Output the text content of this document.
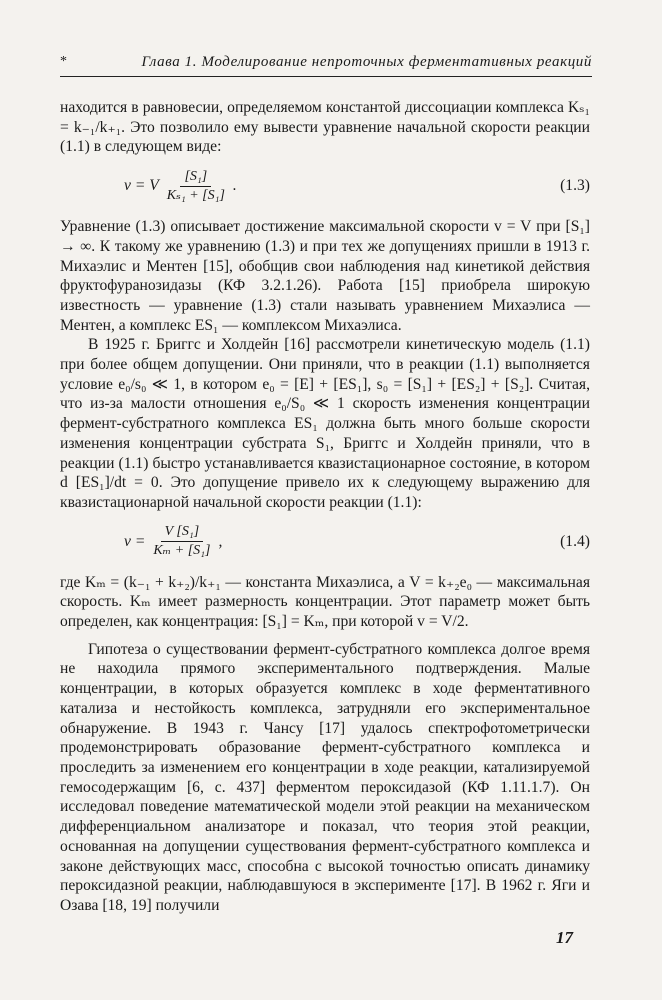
*	Глава 1. Моделирование непроточных ферментативных реакций

находится в равновесии, определяемом константой диссоциации комплекса Kₛ₁ = k₋₁/k₊₁. Это позволило ему вывести уравнение начальной скорости реакции (1.1) в следующем виде:

v = V $\frac{\text{[S₁]}}{\text{Kₛ₁ + [S₁]}}$ .	(1.3)

Уравнение (1.3) описывает достижение максимальной скорости v = V при [S₁] → ∞. К такому же уравнению (1.3) и при тех же допущениях пришли в 1913 г. Михаэлис и Ментен [15], обобщив свои наблюдения над кинетикой действия фруктофуранозидазы (КФ 3.2.1.26). Работа [15] приобрела широкую известность — уравнение (1.3) стали называть уравнением Михаэлиса — Ментен, а комплекс ES₁ — комплексом Михаэлиса.

В 1925 г. Бриггс и Холдейн [16] рассмотрели кинетическую модель (1.1) при более общем допущении. Они приняли, что в реакции (1.1) выполняется условие e₀/s₀ ≪ 1, в котором e₀ = [E] + [ES₁], s₀ = [S₁] + [ES₂] + [S₂]. Считая, что из-за малости отношения e₀/S₀ ≪ 1 скорость изменения концентрации фермент-субстратного комплекса ES₁ должна быть много больше скорости изменения концентрации субстрата S₁, Бриггс и Холдейн приняли, что в реакции (1.1) быстро устанавливается квазистационарное состояние, в котором d [ES₁]/dt = 0. Это допущение привело их к следующему выражению для квазистационарной начальной скорости реакции (1.1):

$v = \frac{\text{V [S₁]}}{\text{Kₘ + [S₁]}}$ ,	(1.4)

где Kₘ = (k₋₁ + k₊₂)/k₊₁ — константа Михаэлиса, а V = k₊₂e₀ — максимальная скорость. Kₘ имеет размерность концентрации. Этот параметр может быть определен, как концентрация: [S₁] = Kₘ, при которой v = V/2.

Гипотеза о существовании фермент-субстратного комплекса долгое время не находила прямого экспериментального подтверждения. Малые концентрации, в которых образуется комплекс в ходе ферментативного катализа и нестойкость комплекса, затрудняли его экспериментальное обнаружение. В 1943 г. Чансу [17] удалось спектрофотометрически продемонстрировать образование фермент-субстратного комплекса и проследить за изменением его концентрации в ходе реакции, катализируемой гемосодержащим [6, с. 437] ферментом пероксидазой (КФ 1.11.1.7). Он исследовал поведение математической модели этой реакции на механическом дифференциальном анализаторе и показал, что теория этой реакции, основанная на допущении существования фермент-субстратного комплекса и законе действующих масс, способна с высокой точностью описать динамику пероксидазной реакции, наблюдавшуюся в эксперименте [17]. В 1962 г. Яги и Озава [18, 19] получили

17
